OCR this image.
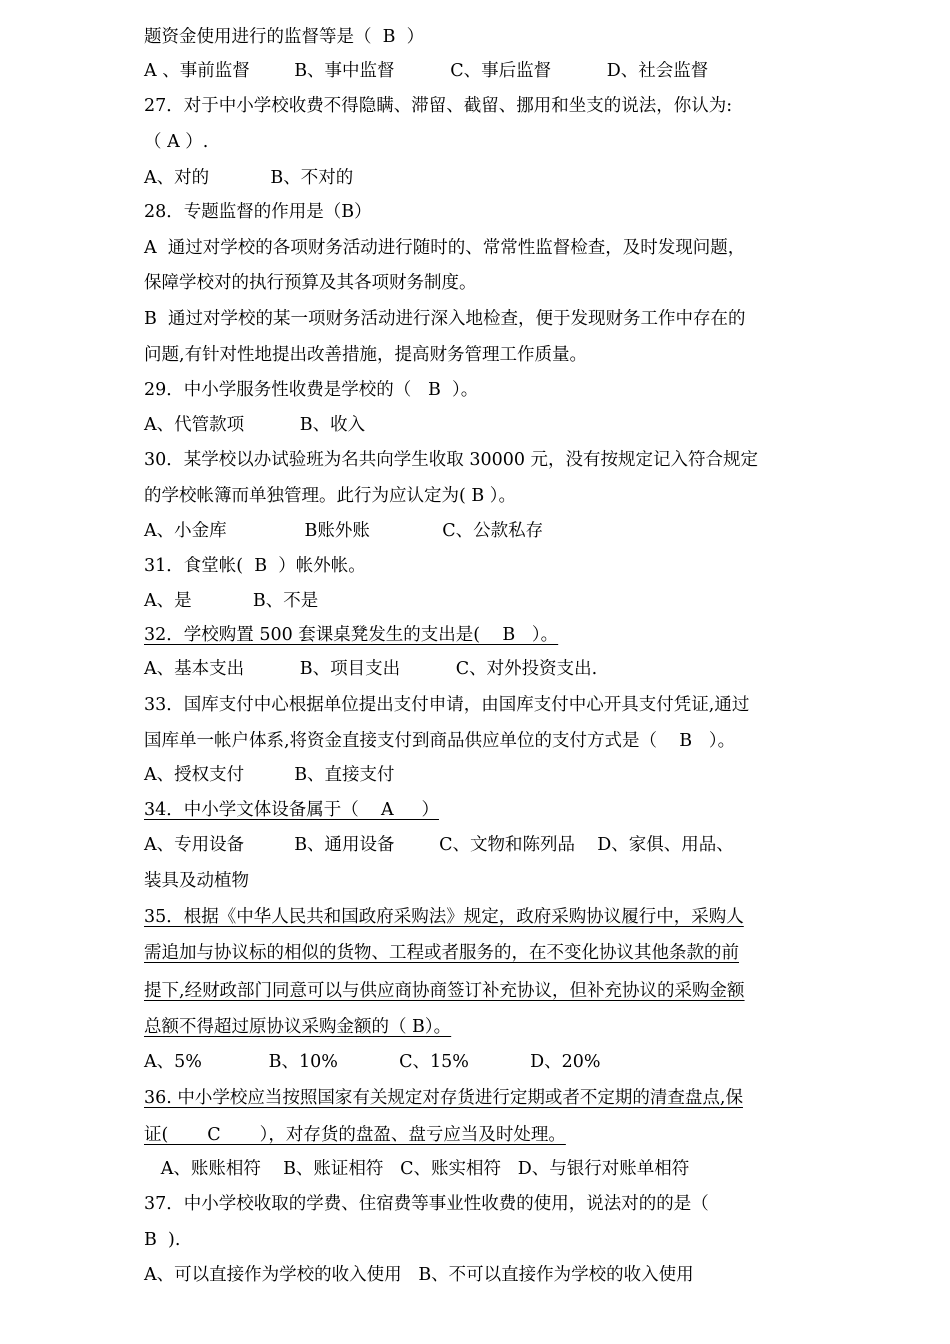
题资金使用进行的监督等是（  B  ）
A 、事前监督        B、事中监督          C、事后监督          D、社会监督
27．对于中小学校收费不得隐瞒、滞留、截留、挪用和坐支的说法，你认为:
（ A ）.
A、对的           B、不对的
28．专题监督的作用是（B）
A  通过对学校的各项财务活动进行随时的、常常性监督检查，及时发现问题，
保障学校对的执行预算及其各项财务制度。
B  通过对学校的某一项财务活动进行深入地检查，便于发现财务工作中存在的
问题,有针对性地提出改善措施，提高财务管理工作质量。
29．中小学服务性收费是学校的（   B  ）。
A、代管款项          B、收入
30．某学校以办试验班为名共向学生收取 30000 元，没有按规定记入符合规定
的学校帐簿而单独管理。此行为应认定为( B ）。
A、小金库              B账外账             C、公款私存
31．食堂帐(  B  ）帐外帐。
A、是           B、不是
32．学校购置 500 套课桌凳发生的支出是(    B   ）。
A、基本支出          B、项目支出          C、对外投资支出.
33．国库支付中心根据单位提出支付申请，由国库支付中心开具支付凭证,通过
国库单一帐户体系,将资金直接支付到商品供应单位的支付方式是（    B   ）。
A、授权支付         B、直接支付
34．中小学文体设备属于（    A     ）
A、专用设备         B、通用设备        C、文物和陈列品    D、家俱、用品、
装具及动植物
35．根据《中华人民共和国政府采购法》规定，政府采购协议履行中，采购人
需追加与协议标的相似的货物、工程或者服务的，在不变化协议其他条款的前
提下,经财政部门同意可以与供应商协商签订补充协议，但补充协议的采购金额
总额不得超过原协议采购金额的（ B）。
A、5%            B、10%           C、15%           D、20%
36. 中小学校应当按照国家有关规定对存货进行定期或者不定期的清查盘点,保
证(       C       ），对存货的盘盈、盘亏应当及时处理。
A、账账相符    B、账证相符   C、账实相符   D、与银行对账单相符
37．中小学校收取的学费、住宿费等事业性收费的使用，说法对的的是（
B  ).
A、可以直接作为学校的收入使用   B、不可以直接作为学校的收入使用
